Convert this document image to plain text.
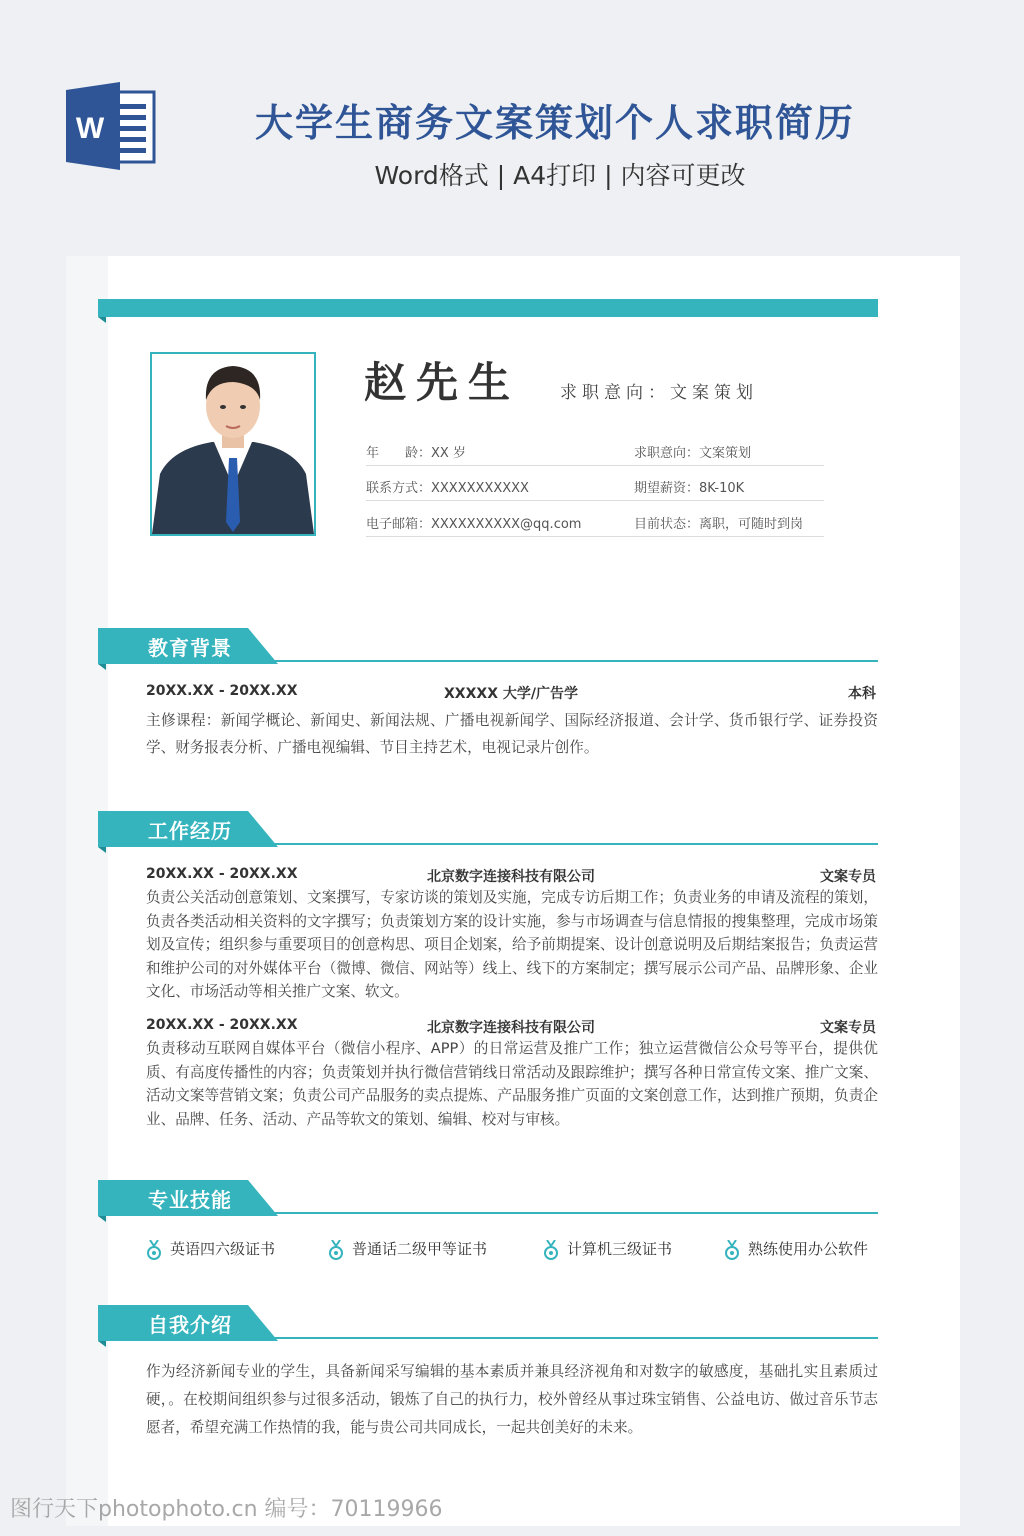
W	大学生商务文案策划个人求职简历
Word格式 | A4打印 | 内容可更改
赵先生 求职意向：文案策划
年　　龄：XX 岁	求职意向：文案策划
联系方式：XXXXXXXXXXX	期望薪资：8K-10K
电子邮箱：XXXXXXXXXX@qq.com	目前状态：离职，可随时到岗
教育背景
20XX.XX - 20XX.XX	XXXXX 大学/广告学	本科
主修课程：新闻学概论、新闻史、新闻法规、广播电视新闻学、国际经济报道、会计学、货币银行学、证券投资学、财务报表分析、广播电视编辑、节目主持艺术，电视记录片创作。
工作经历
20XX.XX - 20XX.XX	北京数字连接科技有限公司	文案专员
负责公关活动创意策划、文案撰写，专家访谈的策划及实施，完成专访后期工作；负责业务的申请及流程的策划，负责各类活动相关资料的文字撰写；负责策划方案的设计实施，参与市场调查与信息情报的搜集整理，完成市场策划及宣传；组织参与重要项目的创意构思、项目企划案，给予前期提案、设计创意说明及后期结案报告；负责运营和维护公司的对外媒体平台（微博、微信、网站等）线上、线下的方案制定；撰写展示公司产品、品牌形象、企业文化、市场活动等相关推广文案、软文。
20XX.XX - 20XX.XX	北京数字连接科技有限公司	文案专员
负责移动互联网自媒体平台（微信小程序、APP）的日常运营及推广工作；独立运营微信公众号等平台，提供优质、有高度传播性的内容；负责策划并执行微信营销线日常活动及跟踪维护；撰写各种日常宣传文案、推广文案、活动文案等营销文案；负责公司产品服务的卖点提炼、产品服务推广页面的文案创意工作，达到推广预期，负责企业、品牌、任务、活动、产品等软文的策划、编辑、校对与审核。
专业技能
英语四六级证书	普通话二级甲等证书	计算机三级证书	熟练使用办公软件
自我介绍
作为经济新闻专业的学生，具备新闻采写编辑的基本素质并兼具经济视角和对数字的敏感度，基础扎实且素质过硬，。在校期间组织参与过很多活动，锻炼了自己的执行力，校外曾经从事过珠宝销售、公益电访、做过音乐节志愿者，希望充满工作热情的我，能与贵公司共同成长，一起共创美好的未来。
图行天下photophoto.cn 编号：70119966
